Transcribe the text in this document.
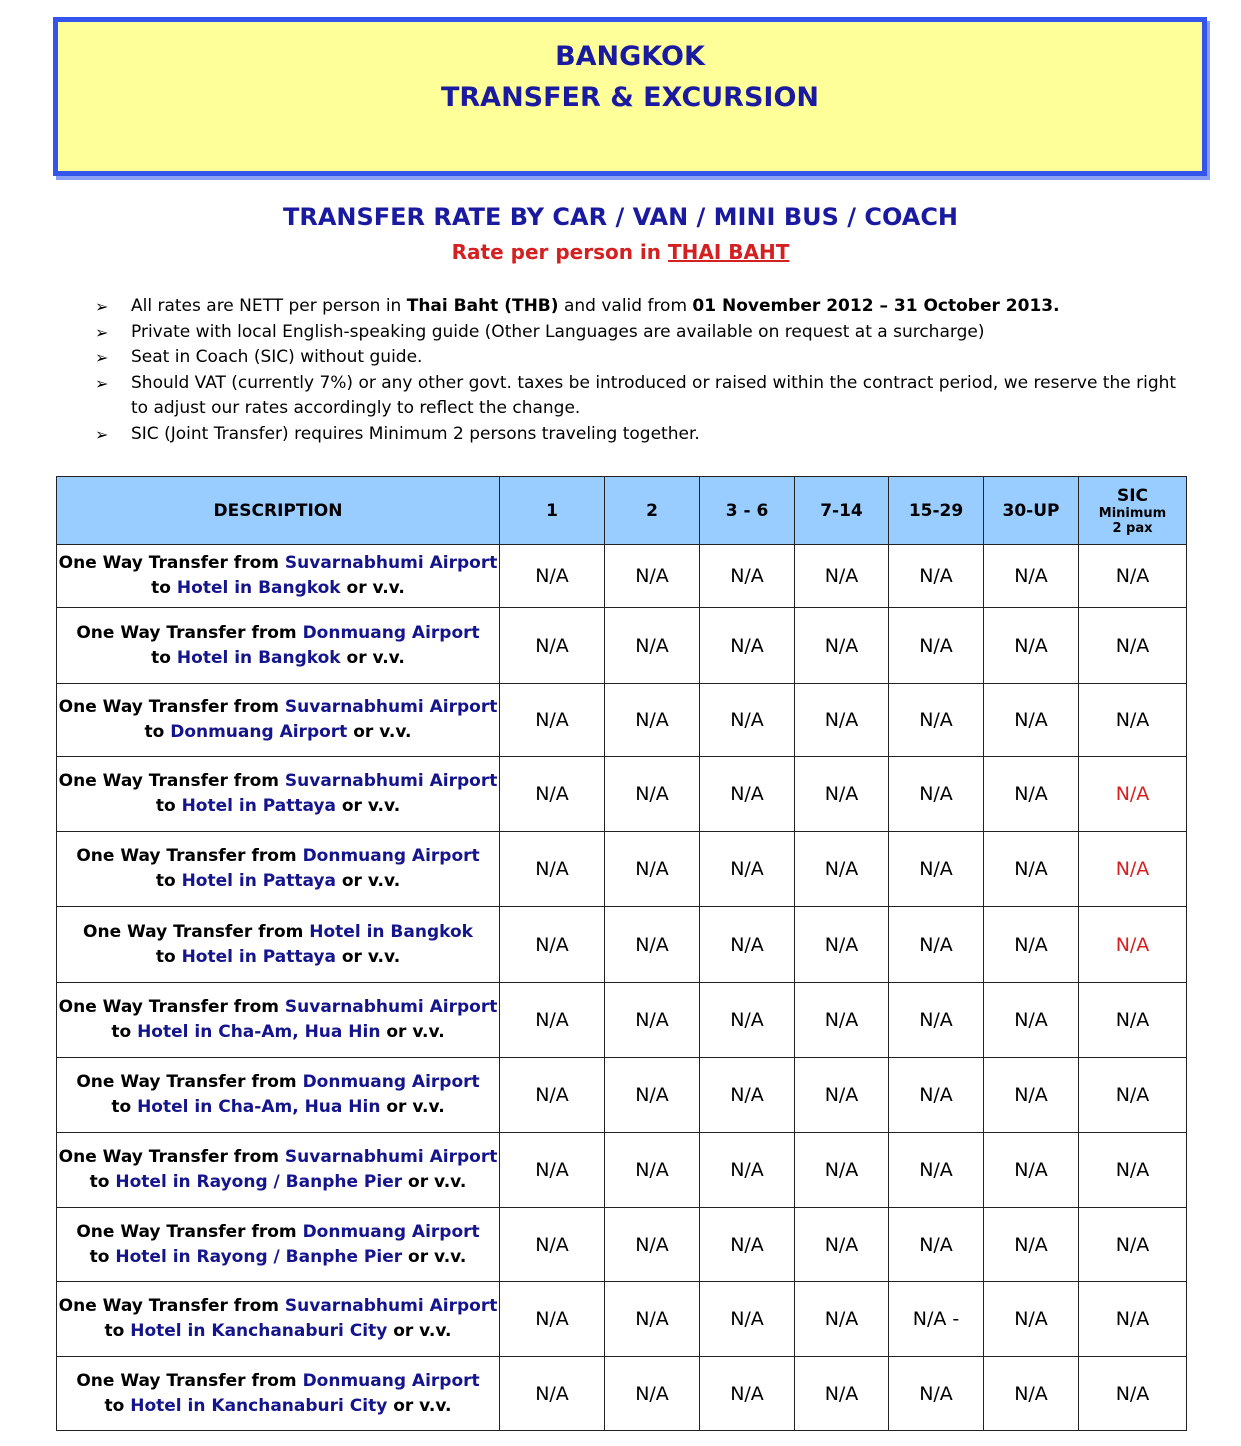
BANGKOK
TRANSFER & EXCURSION
TRANSFER RATE BY CAR / VAN / MINI BUS / COACH
Rate per person in THAI BAHT
➢ All rates are NETT per person in Thai Baht (THB) and valid from 01 November 2012 – 31 October 2013.
➢ Private with local English-speaking guide (Other Languages are available on request at a surcharge)
➢ Seat in Coach (SIC) without guide.
➢ Should VAT (currently 7%) or any other govt. taxes be introduced or raised within the contract period, we reserve the right to adjust our rates accordingly to reflect the change.
➢ SIC (Joint Transfer) requires Minimum 2 persons traveling together.
DESCRIPTION	1	2	3 - 6	7-14	15-29	30-UP	SIC
Minimum
2 pax

One Way Transfer from Suvarnabhumi Airport
to Hotel in Bangkok or v.v.	N/A	N/A	N/A	N/A	N/A	N/A	N/A
One Way Transfer from Donmuang Airport
to Hotel in Bangkok or v.v.	N/A	N/A	N/A	N/A	N/A	N/A	N/A
One Way Transfer from Suvarnabhumi Airport
to Donmuang Airport or v.v.	N/A	N/A	N/A	N/A	N/A	N/A	N/A
One Way Transfer from Suvarnabhumi Airport
to Hotel in Pattaya or v.v.	N/A	N/A	N/A	N/A	N/A	N/A	N/A
One Way Transfer from Donmuang Airport
to Hotel in Pattaya or v.v.	N/A	N/A	N/A	N/A	N/A	N/A	N/A
One Way Transfer from Hotel in Bangkok
to Hotel in Pattaya or v.v.	N/A	N/A	N/A	N/A	N/A	N/A	N/A
One Way Transfer from Suvarnabhumi Airport
to Hotel in Cha-Am, Hua Hin or v.v.	N/A	N/A	N/A	N/A	N/A	N/A	N/A
One Way Transfer from Donmuang Airport
to Hotel in Cha-Am, Hua Hin or v.v.	N/A	N/A	N/A	N/A	N/A	N/A	N/A
One Way Transfer from Suvarnabhumi Airport
to Hotel in Rayong / Banphe Pier or v.v.	N/A	N/A	N/A	N/A	N/A	N/A	N/A
One Way Transfer from Donmuang Airport
to Hotel in Rayong / Banphe Pier or v.v.	N/A	N/A	N/A	N/A	N/A	N/A	N/A
One Way Transfer from Suvarnabhumi Airport
to Hotel in Kanchanaburi City or v.v.	N/A	N/A	N/A	N/A	N/A -	N/A	N/A
One Way Transfer from Donmuang Airport
to Hotel in Kanchanaburi City or v.v.	N/A	N/A	N/A	N/A	N/A	N/A	N/A
